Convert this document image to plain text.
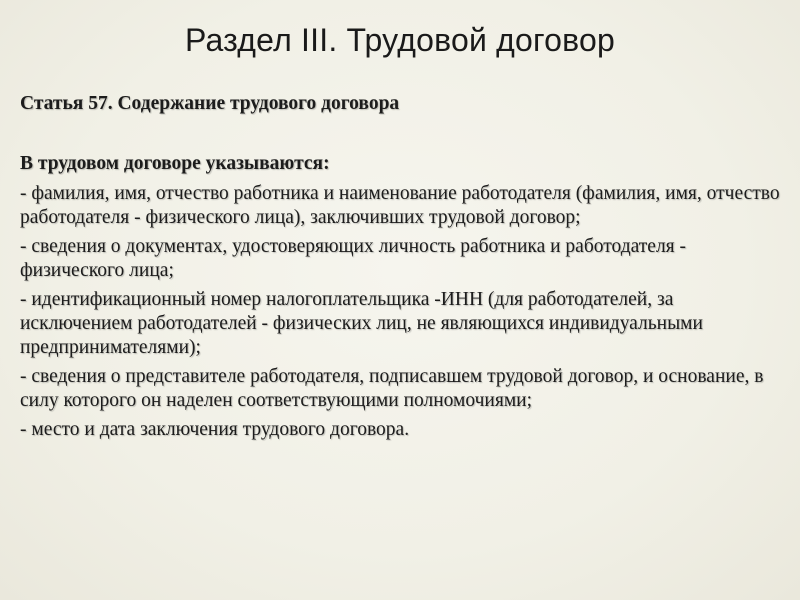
Раздел III. Трудовой договор

Статья 57. Содержание трудового договора

В трудовом договоре указываются:

- фамилия, имя, отчество работника и наименование работодателя (фамилия, имя, отчество работодателя - физического лица), заключивших трудовой договор;
- сведения о документах, удостоверяющих личность работника и работодателя - физического лица;
- идентификационный номер налогоплательщика -ИНН (для работодателей, за исключением работодателей - физических лиц, не являющихся индивидуальными предпринимателями);
- сведения о представителе работодателя, подписавшем трудовой договор, и основание, в силу которого он наделен соответствующими полномочиями;
- место и дата заключения трудового договора.
